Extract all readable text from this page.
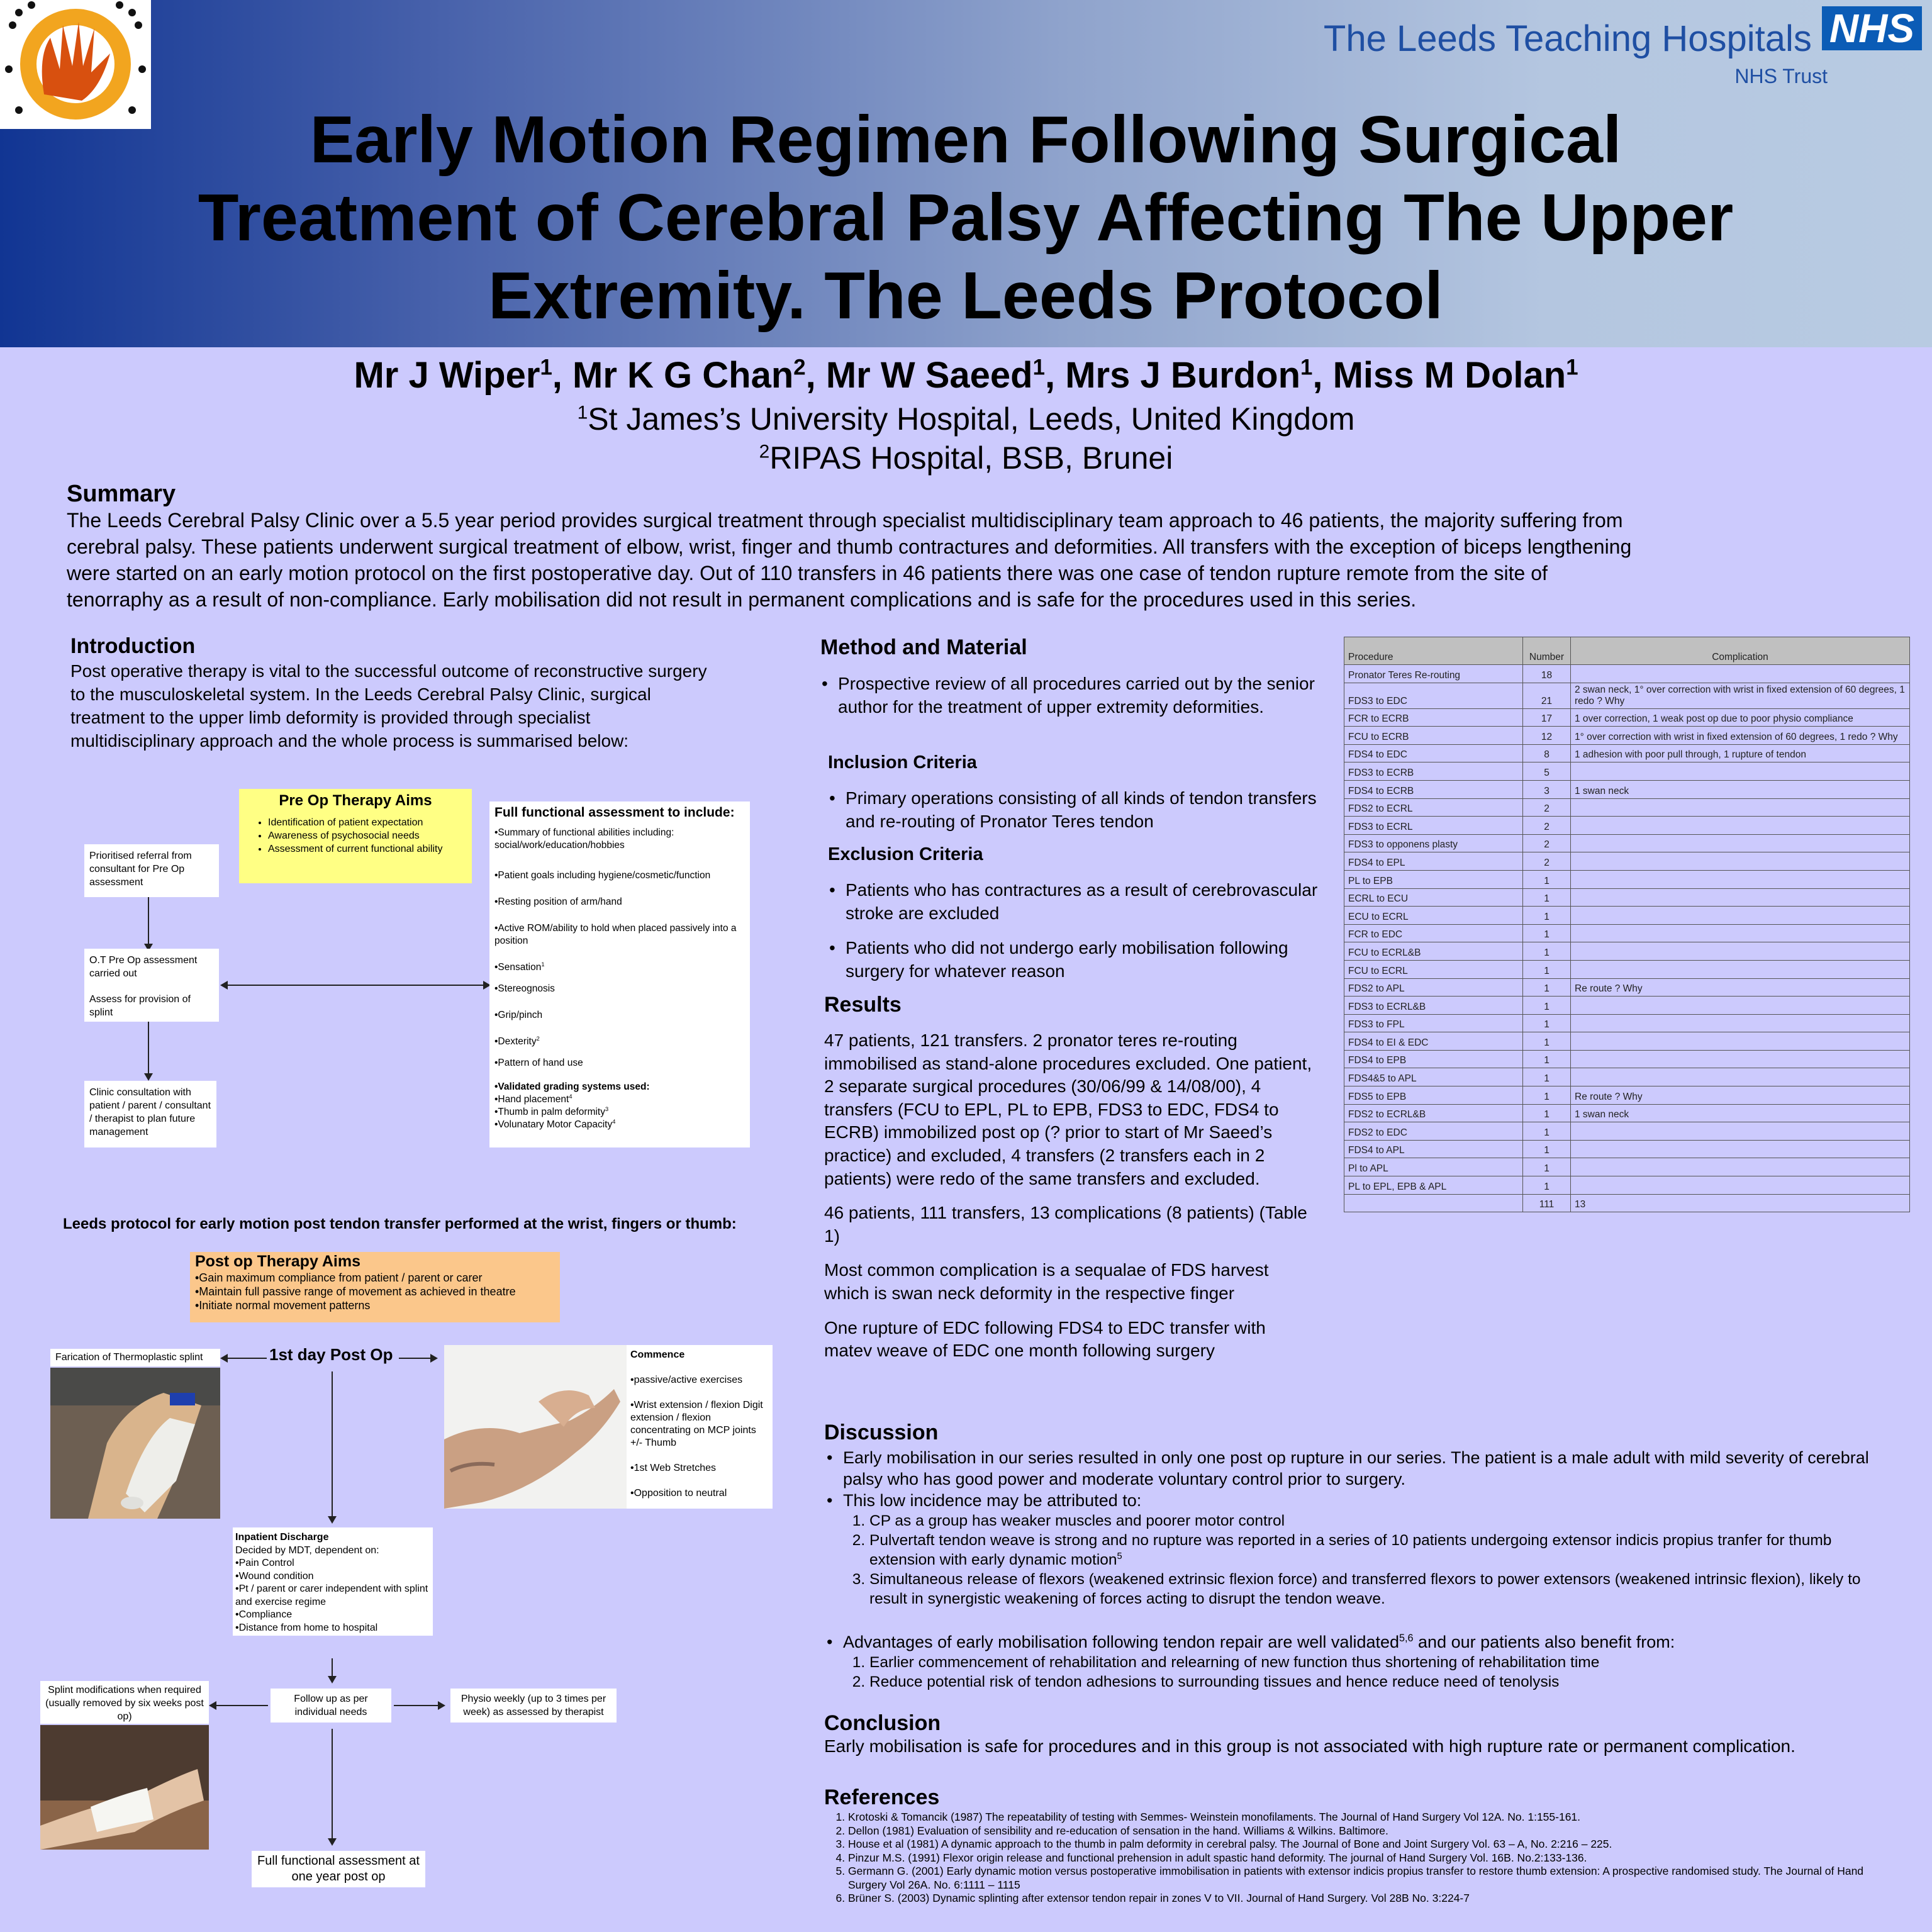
The Leeds Teaching Hospitals NHS
NHS Trust
Early Motion Regimen Following Surgical
Treatment of Cerebral Palsy Affecting The Upper
Extremity. The Leeds Protocol
Mr J Wiper$^1$, Mr K G Chan$^2$, Mr W Saeed$^1$, Mrs J Burdon$^1$, Miss M Dolan$^1$
$^1$St James’s University Hospital, Leeds, United Kingdom
$^2$RIPAS Hospital, BSB, Brunei
Summary
The Leeds Cerebral Palsy Clinic over a 5.5 year period provides surgical treatment through specialist multidisciplinary team approach to 46 patients, the majority suffering from
cerebral palsy. These patients underwent surgical treatment of elbow, wrist, finger and thumb contractures and deformities. All transfers with the exception of biceps lengthening
were started on an early motion protocol on the first postoperative day. Out of 110 transfers in 46 patients there was one case of tendon rupture remote from the site of
tenorraphy as a result of non-compliance. Early mobilisation did not result in permanent complications and is safe for the procedures used in this series.
Introduction
Post operative therapy is vital to the successful outcome of reconstructive surgery
to the musculoskeletal system. In the Leeds Cerebral Palsy Clinic, surgical
treatment to the upper limb deformity is provided through specialist
multidisciplinary approach and the whole process is summarised below:
Pre Op Therapy Aims
• Identification of patient expectation
• Awareness of psychosocial needs
• Assessment of current functional ability
Prioritised referral from consultant for Pre Op assessment
O.T Pre Op assessment carried out
Assess for provision of splint
Clinic consultation with patient / parent / consultant / therapist to plan future management
Full functional assessment to include:
•Summary of functional abilities including: social/work/education/hobbies
•Patient goals including hygiene/cosmetic/function
•Resting position of arm/hand
•Active ROM/ability to hold when placed passively into a position
•Sensation$^1$
•Stereognosis
•Grip/pinch
•Dexterity$^2$
•Pattern of hand use
•Validated grading systems used:
•Hand placement$^4$
•Thumb in palm deformity$^3$
•Volunatary Motor Capacity$^4$
Leeds protocol for early motion post tendon transfer performed at the wrist, fingers or thumb:
Post op Therapy Aims
•Gain maximum compliance from patient / parent or carer
•Maintain full passive range of movement as achieved in theatre
•Initiate normal movement patterns
Farication of Thermoplastic splint	1st day Post Op	Commence
•passive/active exercises
•Wrist extension / flexion Digit extension / flexion concentrating on MCP joints +/- Thumb
•1st Web Stretches
•Opposition to neutral
Inpatient Discharge
Decided by MDT, dependent on:
•Pain Control
•Wound condition
•Pt / parent or carer independent with splint and exercise regime
•Compliance
•Distance from home to hospital
Follow up as per individual needs
Physio weekly (up to 3 times per week) as assessed by therapist
Splint modifications when required (usually removed by six weeks post op)
Full functional assessment at one year post op
Method and Material
• Prospective review of all procedures carried out by the senior author for the treatment of upper extremity deformities.
Inclusion Criteria
• Primary operations consisting of all kinds of tendon transfers and re-routing of Pronator Teres tendon
Exclusion Criteria
• Patients who has contractures as a result of cerebrovascular stroke are excluded
• Patients who did not undergo early mobilisation following surgery for whatever reason
Results

47 patients, 121 transfers. 2 pronator teres re-routing immobilised as stand-alone procedures excluded. One patient, 2 separate surgical procedures (30/06/99 & 14/08/00), 4 transfers (FCU to EPL, PL to EPB, FDS3 to EDC, FDS4 to ECRB) immobilized post op (? prior to start of Mr Saeed’s practice) and excluded, 4 transfers (2 transfers each in 2 patients) were redo of the same transfers and excluded.

46 patients, 111 transfers, 13 complications (8 patients) (Table 1)

Most common complication is a sequalae of FDS harvest which is swan neck deformity in the respective finger

One rupture of EDC following FDS4 to EDC transfer with matev weave of EDC one month following surgery

Procedure	Number	Complication
Pronator Teres Re-routing	18	
FDS3 to EDC	21	2 swan neck, 1° over correction with wrist in fixed extension of 60 degrees, 1 redo ? Why
FCR to ECRB	17	1 over correction, 1 weak post op due to poor physio compliance
FCU to ECRB	12	1° over correction with wrist in fixed extension of 60 degrees, 1 redo ? Why
FDS4 to EDC	8	1 adhesion with poor pull through, 1 rupture of tendon
FDS3 to ECRB	5	
FDS4 to ECRB	3	1 swan neck
FDS2 to ECRL	2	
FDS3 to ECRL	2	
FDS3 to opponens plasty	2	
FDS4 to EPL	2	
PL to EPB	1	
ECRL to ECU	1	
ECU to ECRL	1	
FCR to EDC	1	
FCU to ECRL&B	1	
FCU to ECRL	1	
FDS2 to APL	1	Re route ? Why
FDS3 to ECRL&B	1	
FDS3 to FPL	1	
FDS4 to EI & EDC	1	
FDS4 to EPB	1	
FDS4&5 to APL	1	
FDS5 to EPB	1	Re route ? Why
FDS2 to ECRL&B	1	1 swan neck
FDS2 to EDC	1	
FDS4 to APL	1	
Pl to APL	1	
PL to EPL, EPB & APL	1	
	111	13
Discussion
• Early mobilisation in our series resulted in only one post op rupture in our series. The patient is a male adult with mild severity of cerebral palsy who has good power and moderate voluntary control prior to surgery.
• This low incidence may be attributed to:
1. CP as a group has weaker muscles and poorer motor control
2. Pulvertaft tendon weave is strong and no rupture was reported in a series of 10 patients undergoing extensor indicis propius tranfer for thumb extension with early dynamic motion$^5$
3. Simultaneous release of flexors (weakened extrinsic flexion force) and transferred flexors to power extensors (weakened intrinsic flexion), likely to result in synergistic weakening of forces acting to disrupt the tendon weave.
• Advantages of early mobilisation following tendon repair are well validated$^{5,6}$ and our patients also benefit from:
1. Earlier commencement of rehabilitation and relearning of new function thus shortening of rehabilitation time
2. Reduce potential risk of tendon adhesions to surrounding tissues and hence reduce need of tenolysis
Conclusion
Early mobilisation is safe for procedures and in this group is not associated with high rupture rate or permanent complication.
References
1. Krotoski & Tomancik (1987) The repeatability of testing with Semmes- Weinstein monofilaments. The Journal of Hand Surgery Vol 12A. No. 1:155-161.
2. Dellon (1981) Evaluation of sensibility and re-education of sensation in the hand. Williams & Wilkins. Baltimore.
3. House et al (1981) A dynamic approach to the thumb in palm deformity in cerebral palsy. The Journal of Bone and Joint Surgery Vol. 63 – A, No. 2:216 – 225.
4. Pinzur M.S. (1991) Flexor origin release and functional prehension in adult spastic hand deformity. The journal of Hand Surgery Vol. 16B. No.2:133-136.
5. Germann G. (2001) Early dynamic motion versus postoperative immobilisation in patients with extensor indicis propius transfer to restore thumb extension: A prospective randomised study. The Journal of Hand Surgery Vol 26A. No. 6:1111 – 1115
6. Brüner S. (2003) Dynamic splinting after extensor tendon repair in zones V to VII. Journal of Hand Surgery. Vol 28B No. 3:224-7
